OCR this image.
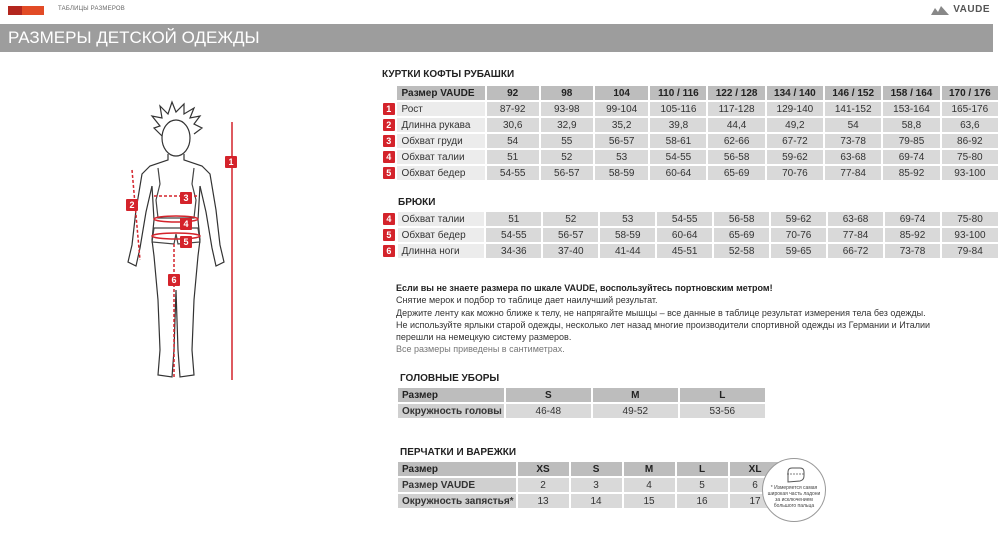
ТАБЛИЦЫ РАЗМЕРОВ	VAUDE
РАЗМЕРЫ ДЕТСКОЙ ОДЕЖДЫ
1
2
3
4
5
6
КУРТКИ КОФТЫ РУБАШКИ
	Размер VAUDE	92	98	104	110 / 116	122 / 128	134 / 140	146 / 152	158 / 164	170 / 176
1	Рост	87-92	93-98	99-104	105-116	117-128	129-140	141-152	153-164	165-176
2	Длинна рукава	30,6	32,9	35,2	39,8	44,4	49,2	54	58,8	63,6
3	Обхват груди	54	55	56-57	58-61	62-66	67-72	73-78	79-85	86-92
4	Обхват талии	51	52	53	54-55	56-58	59-62	63-68	69-74	75-80
5	Обхват бедер	54-55	56-57	58-59	60-64	65-69	70-76	77-84	85-92	93-100
БРЮКИ
4	Обхват талии	51	52	53	54-55	56-58	59-62	63-68	69-74	75-80
5	Обхват бедер	54-55	56-57	58-59	60-64	65-69	70-76	77-84	85-92	93-100
6	Длинна ноги	34-36	37-40	41-44	45-51	52-58	59-65	66-72	73-78	79-84
Если вы не знаете размера по шкале VAUDE, воспользуйтесь портновским метром!
Снятие мерок и подбор то таблице дает наилучший результат.
Держите ленту как можно ближе к телу, не напрягайте мышцы – все данные в таблице результат измерения тела без одежды.
Не используйте ярлыки старой одежды, несколько лет назад многие производители спортивной одежды из Германии и Италии перешли на немецкую систему размеров.
Все размеры приведены в сантиметрах.
ГОЛОВНЫЕ УБОРЫ
Размер	S	M	L
Окружность головы	46-48	49-52	53-56
ПЕРЧАТКИ И ВАРЕЖКИ
Размер	XS	S	M	L	XL
Размер VAUDE	2	3	4	5	6
Окружность запястья*	13	14	15	16	17
* Измеряется самая широкая часть ладони за исключением большого пальца
